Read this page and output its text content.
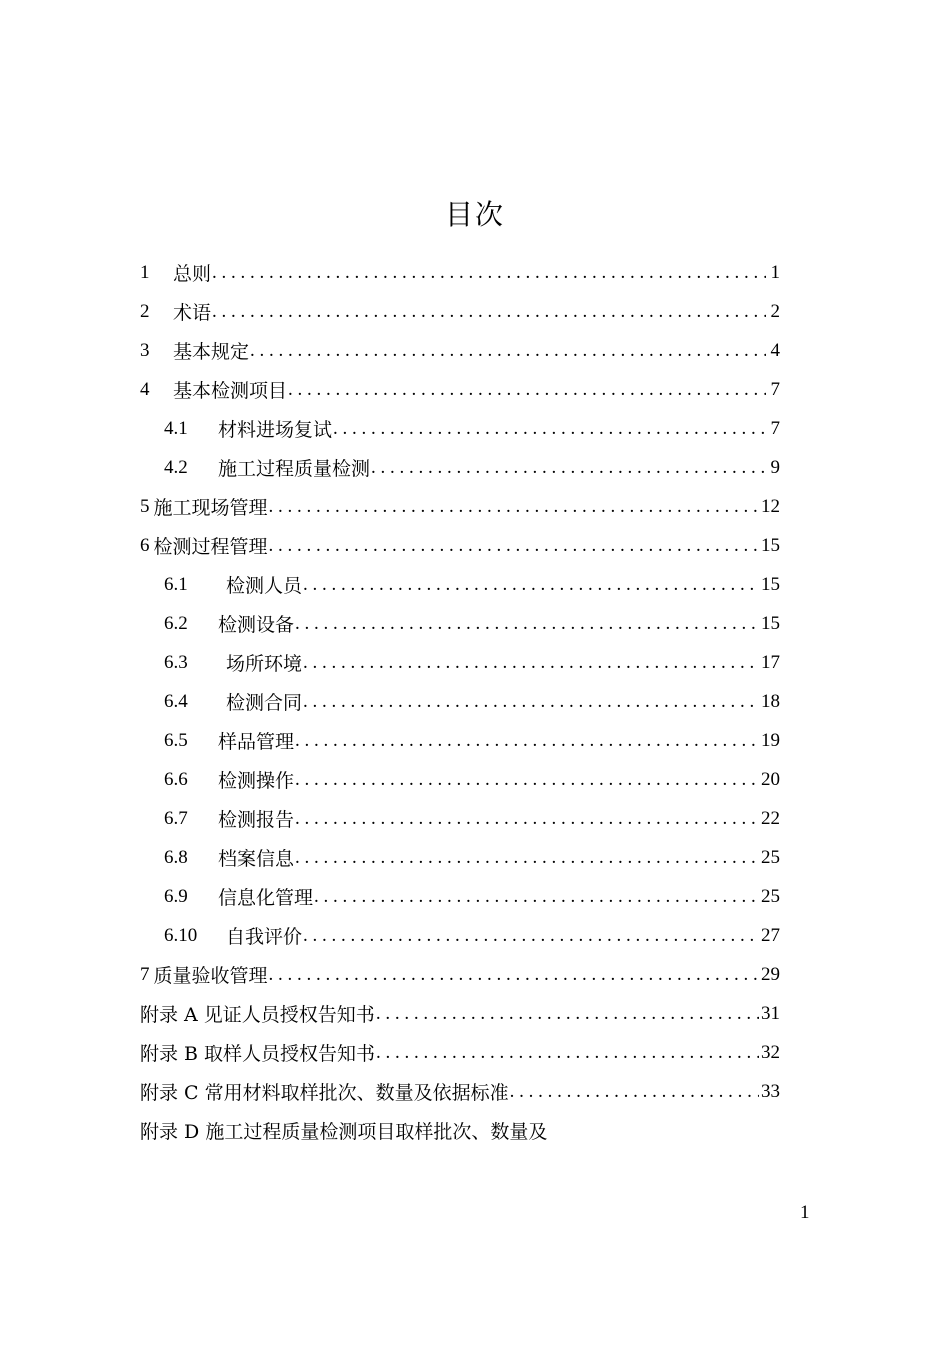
目次
1	总则 . . .	1
2	术语 . . .	2
3	基本规定 . . .	4
4	基本检测项目 . . .	7
4.1	材料进场复试 . . .	7
4.2	施工过程质量检测 . . .	9
5 施工现场管理 . . .	12
6 检测过程管理 . . .	15
6.1	检测人员 . . .	15
6.2	检测设备 . . .	15
6.3	场所环境 . . .	17
6.4	检测合同 . . .	18
6.5	样品管理 . . .	19
6.6	检测操作 . . .	20
6.7	检测报告 . . .	22
6.8	档案信息 . . .	25
6.9	信息化管理 . . .	25
6.10	自我评价 . . .	27
7 质量验收管理 . . .	29
附录 A 见证人员授权告知书 . . .	31
附录 B 取样人员授权告知书 . . .	32
附录 C 常用材料取样批次、数量及依据标准 . . .	33
附录 D 施工过程质量检测项目取样批次、数量及
1
